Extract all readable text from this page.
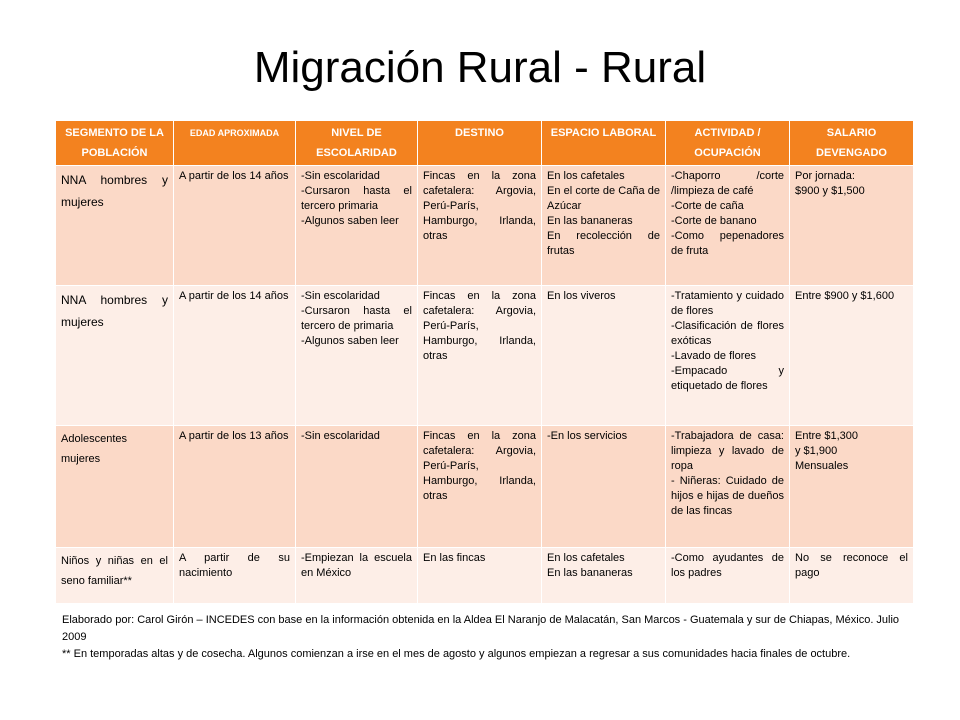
Migración Rural - Rural
SEGMENTO DE LA POBLACIÓN	EDAD APROXIMADA	NIVEL DE ESCOLARIDAD	DESTINO	ESPACIO LABORAL	ACTIVIDAD / OCUPACIÓN	SALARIO DEVENGADO
NNA hombres y mujeres	A partir de los 14 años	-Sin escolaridad
-Cursaron hasta el tercero primaria
-Algunos saben leer	Fincas en la zona cafetalera: Argovia, Perú-París, Hamburgo, Irlanda, otras	En los cafetales
En el corte de Caña de Azúcar
En las bananeras
En recolección de frutas	-Chaporro /corte /limpieza de café
-Corte de caña
-Corte de banano
-Como pepenadores de fruta	Por jornada:
$900 y $1,500
NNA hombres y mujeres	A partir de los 14 años	-Sin escolaridad
-Cursaron hasta el tercero de primaria
-Algunos saben leer	Fincas en la zona cafetalera: Argovia, Perú-París, Hamburgo, Irlanda, otras	En los viveros	-Tratamiento y cuidado de flores
-Clasificación de flores exóticas
-Lavado de flores
-Empacado y etiquetado de flores	Entre $900 y $1,600
Adolescentes mujeres	A partir de los 13 años	-Sin escolaridad	Fincas en la zona cafetalera: Argovia, Perú-París, Hamburgo, Irlanda, otras	-En los servicios	-Trabajadora de casa: limpieza y lavado de ropa
- Niñeras: Cuidado de hijos e hijas de dueños de las fincas	Entre $1,300
y $1,900
Mensuales
Niños y niñas en el seno familiar**	A partir de su nacimiento	-Empiezan la escuela en México	En las fincas	En los cafetales
En las bananeras	-Como ayudantes de los padres	No se reconoce el pago
Elaborado por: Carol Girón – INCEDES con base en la información obtenida en la Aldea El Naranjo de Malacatán, San Marcos - Guatemala y sur de Chiapas, México. Julio 2009
** En temporadas altas y de cosecha. Algunos comienzan a irse en el mes de agosto y algunos empiezan a regresar a sus comunidades hacia finales de octubre.
